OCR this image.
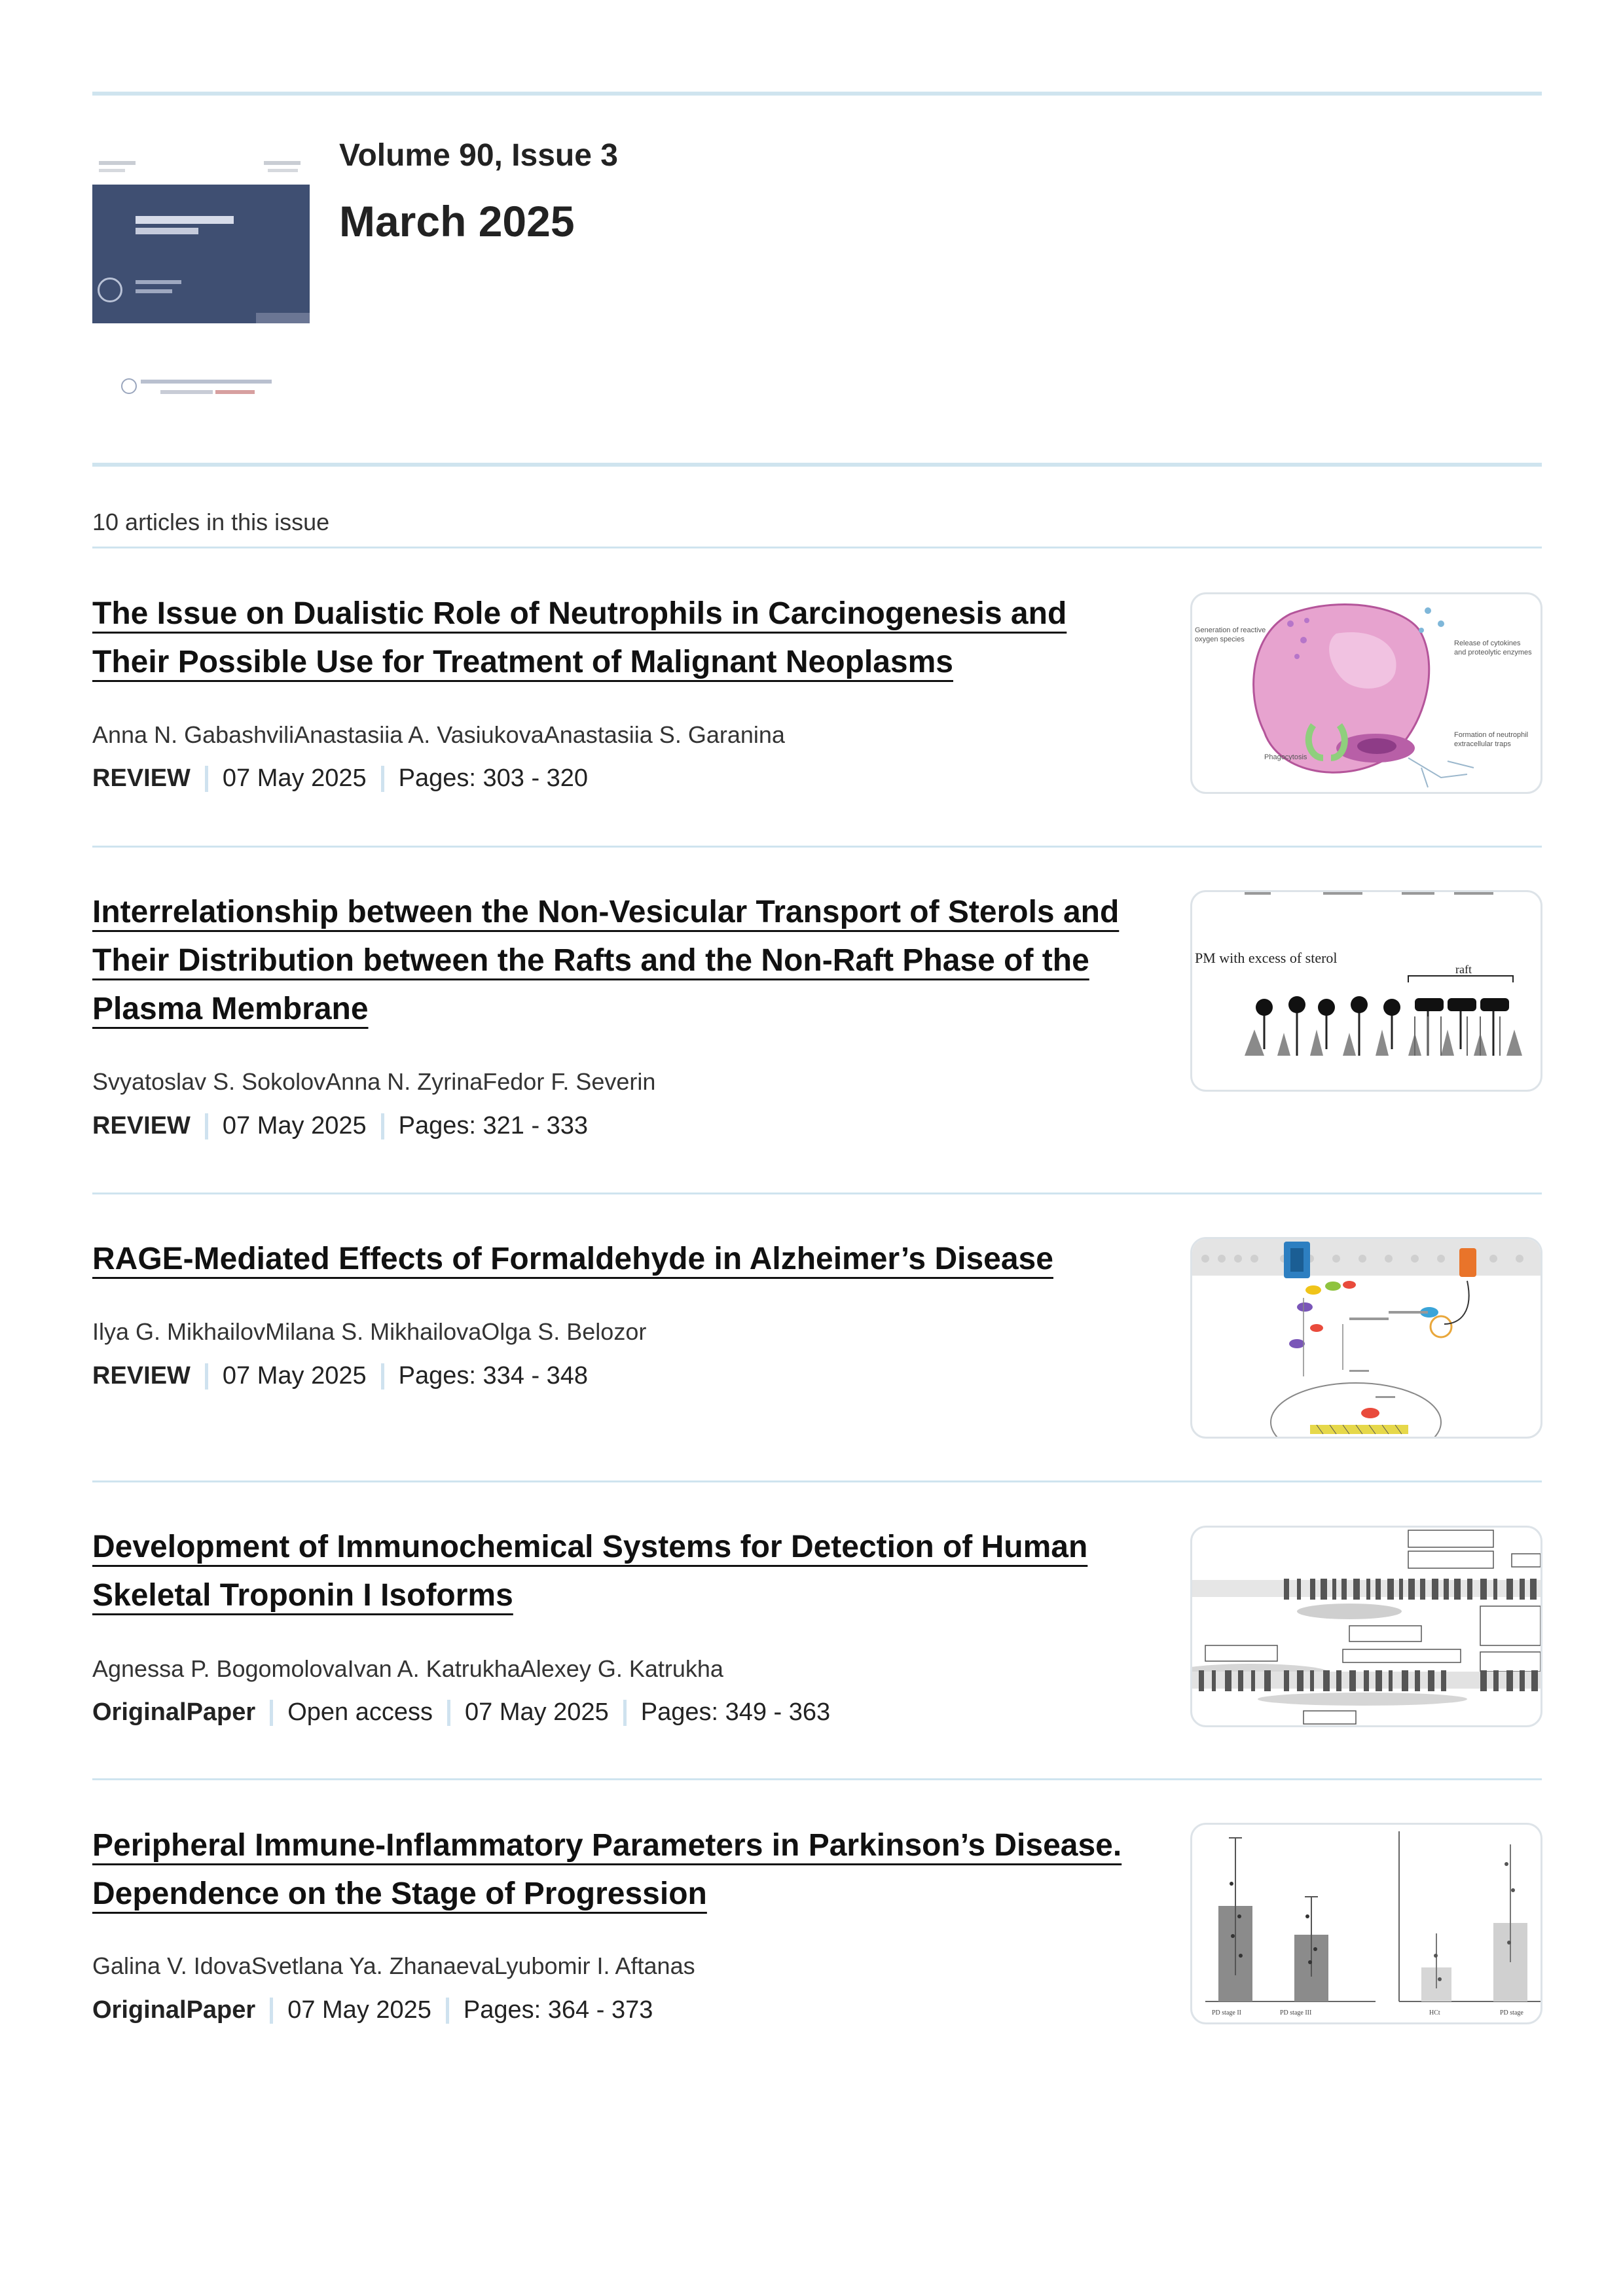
Volume 90, Issue 3
March 2025
10 articles in this issue
The Issue on Dualistic Role of Neutrophils in Carcinogenesis and Their Possible Use for Treatment of Malignant Neoplasms
Anna N. GabashviliAnastasiia A. VasiukovaAnastasiia S. Garanina
REVIEW 07 May 2025 Pages: 303 - 320
Generation of reactive
oxygen species	Release of cytokines
and proteolytic enzymes
Formation of neutrophil
extracellular traps
Phagocytosis
Interrelationship between the Non-Vesicular Transport of Sterols and Their Distribution between the Rafts and the Non-Raft Phase of the Plasma Membrane
Svyatoslav S. SokolovAnna N. ZyrinaFedor F. Severin
REVIEW 07 May 2025 Pages: 321 - 333
PM with excess of sterol
raft
RAGE-Mediated Effects of Formaldehyde in Alzheimer’s Disease
Ilya G. MikhailovMilana S. MikhailovaOlga S. Belozor
REVIEW 07 May 2025 Pages: 334 - 348
Development of Immunochemical Systems for Detection of Human Skeletal Troponin I Isoforms
Agnessa P. BogomolovaIvan A. KatrukhaAlexey G. Katrukha
OriginalPaper Open access 07 May 2025 Pages: 349 - 363
Peripheral Immune-Inflammatory Parameters in Parkinson’s Disease. Dependence on the Stage of Progression
Galina V. IdovaSvetlana Ya. ZhanaevaLyubomir I. Aftanas
OriginalPaper 07 May 2025 Pages: 364 - 373	PD stage II	PD stage III	HCt	PD stage
